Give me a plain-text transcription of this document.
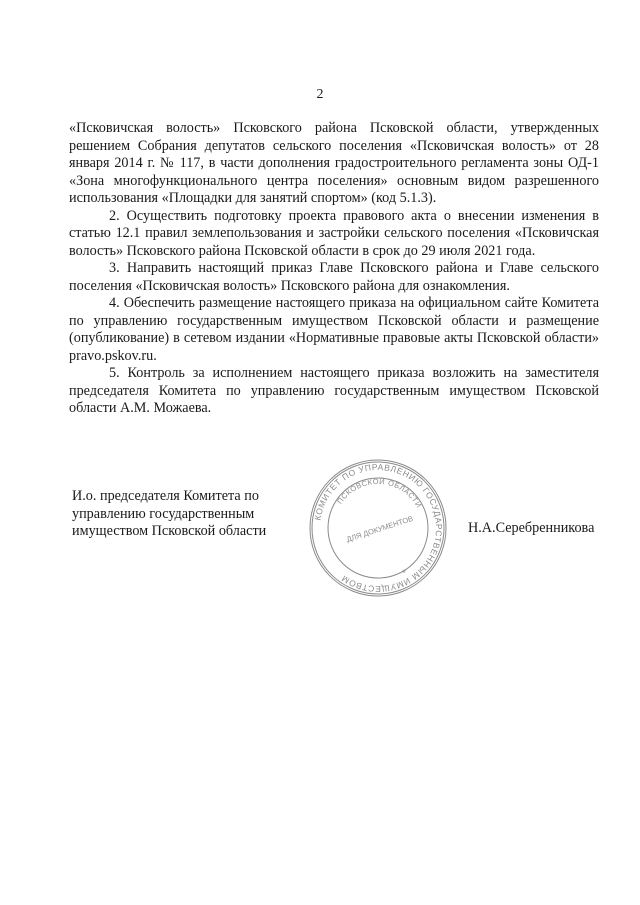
2

«Псковичская волость» Псковского района Псковской области, утвержденных решением Собрания депутатов сельского поселения «Псковичская волость» от 28 января 2014 г. № 117, в части дополнения градостроительного регламента зоны ОД-1 «Зона многофункционального центра поселения» основным видом разрешенного использования «Площадки для занятий спортом» (код 5.1.3).

2. Осуществить подготовку проекта правового акта о внесении изменения в статью 12.1 правил землепользования и застройки сельского поселения «Псковичская волость» Псковского района Псковской области в срок до 29 июля 2021 года.

3. Направить настоящий приказ Главе Псковского района и Главе сельского поселения «Псковичская волость» Псковского района для ознакомления.

4. Обеспечить размещение настоящего приказа на официальном сайте Комитета по управлению государственным имуществом Псковской области и размещение (опубликование) в сетевом издании «Нормативные правовые акты Псковской области» pravo.pskov.ru.

5. Контроль за исполнением настоящего приказа возложить на заместителя председателя Комитета по управлению государственным имуществом Псковской области А.М. Можаева.

И.о. председателя Комитета по
управлению государственным
имуществом Псковской области
КОМИТЕТ ПО УПРАВЛЕНИЮ ГОСУДАРСТВЕННЫМ ИМУЩЕСТВОМ
ПСКОВСКОЙ ОБЛАСТИ
ДЛЯ ДОКУМЕНТОВ
*
Н.А.Серебренникова
